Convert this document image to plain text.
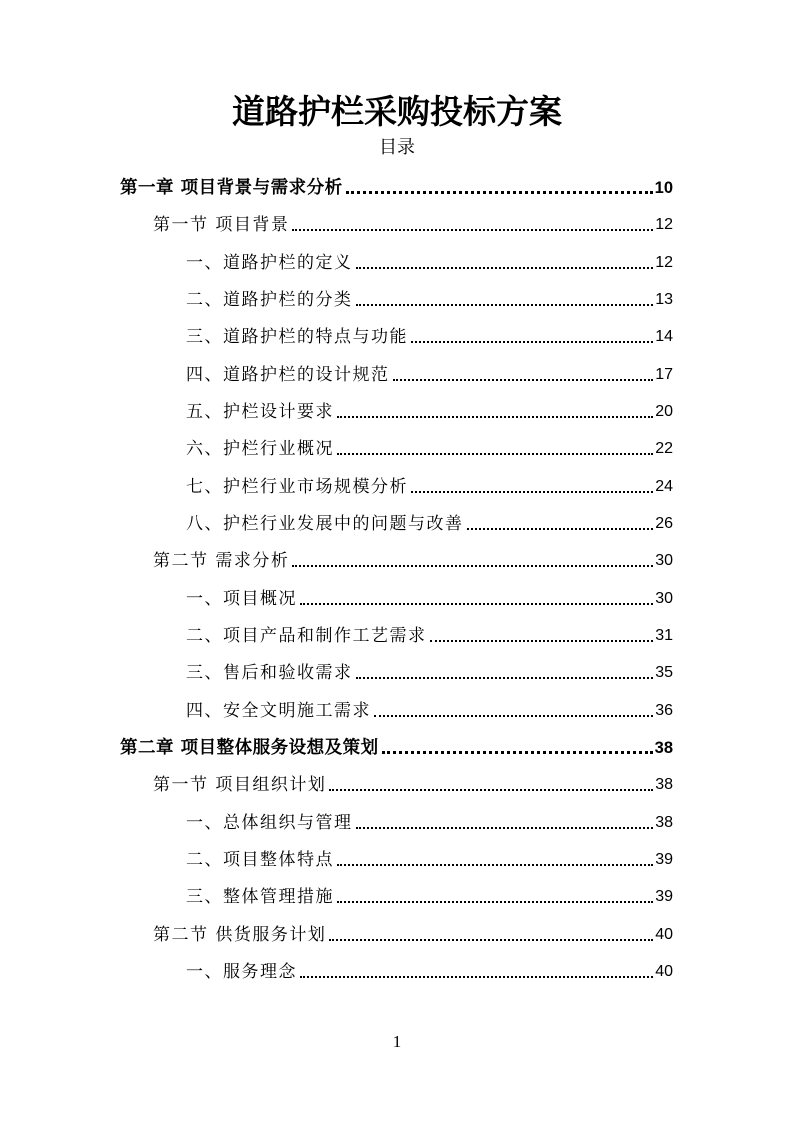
道路护栏采购投标方案
目录
第一章 项目背景与需求分析	10
第一节 项目背景	12
一、道路护栏的定义	12
二、道路护栏的分类	13
三、道路护栏的特点与功能	14
四、道路护栏的设计规范	17
五、护栏设计要求	20
六、护栏行业概况	22
七、护栏行业市场规模分析	24
八、护栏行业发展中的问题与改善	26
第二节 需求分析	30
一、项目概况	30
二、项目产品和制作工艺需求	31
三、售后和验收需求	35
四、安全文明施工需求	36
第二章 项目整体服务设想及策划	38
第一节 项目组织计划	38
一、总体组织与管理	38
二、项目整体特点	39
三、整体管理措施	39
第二节 供货服务计划	40
一、服务理念	40
1
